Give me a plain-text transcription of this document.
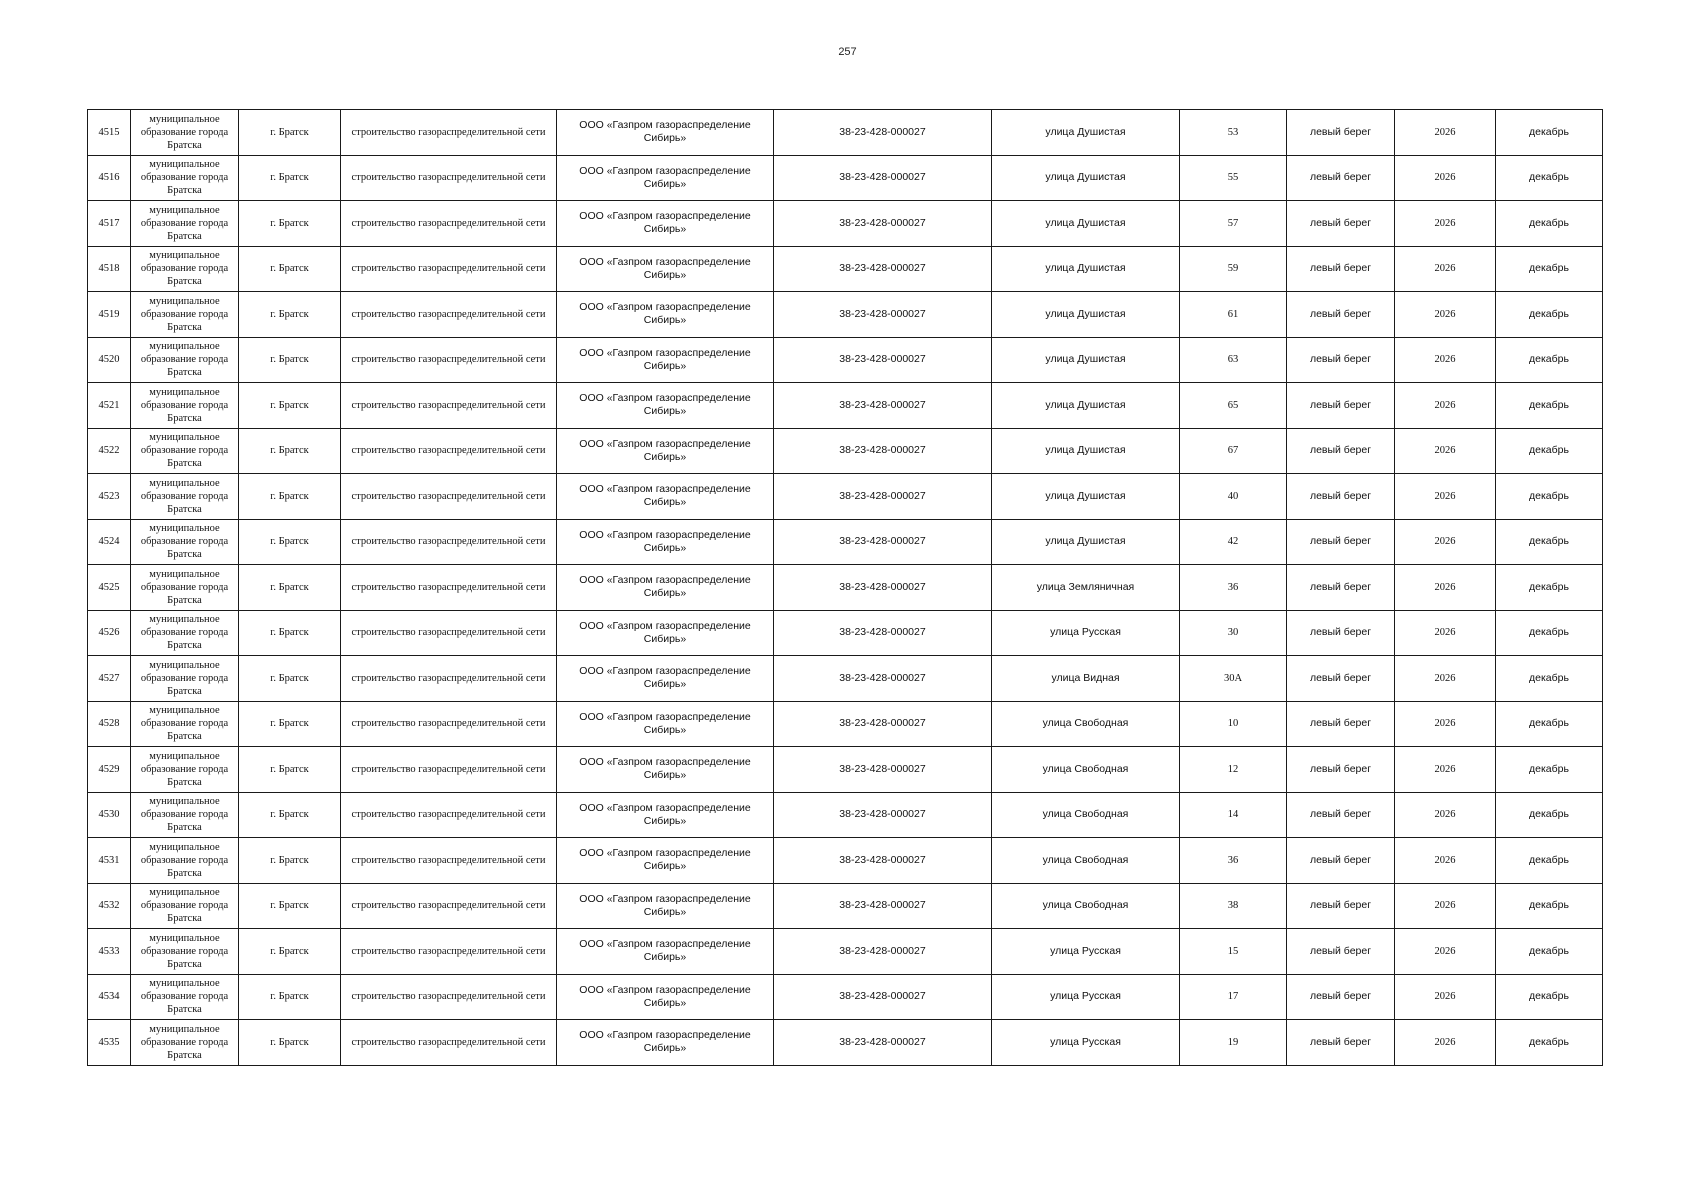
257
4515	муниципальное образование города Братска	г. Братск	строительство газораспределительной сети	ООО «Газпром газораспределение Сибирь»	38-23-428-000027	улица Душистая	53	левый берег	2026	декабрь
4516	муниципальное образование города Братска	г. Братск	строительство газораспределительной сети	ООО «Газпром газораспределение Сибирь»	38-23-428-000027	улица Душистая	55	левый берег	2026	декабрь
4517	муниципальное образование города Братска	г. Братск	строительство газораспределительной сети	ООО «Газпром газораспределение Сибирь»	38-23-428-000027	улица Душистая	57	левый берег	2026	декабрь
4518	муниципальное образование города Братска	г. Братск	строительство газораспределительной сети	ООО «Газпром газораспределение Сибирь»	38-23-428-000027	улица Душистая	59	левый берег	2026	декабрь
4519	муниципальное образование города Братска	г. Братск	строительство газораспределительной сети	ООО «Газпром газораспределение Сибирь»	38-23-428-000027	улица Душистая	61	левый берег	2026	декабрь
4520	муниципальное образование города Братска	г. Братск	строительство газораспределительной сети	ООО «Газпром газораспределение Сибирь»	38-23-428-000027	улица Душистая	63	левый берег	2026	декабрь
4521	муниципальное образование города Братска	г. Братск	строительство газораспределительной сети	ООО «Газпром газораспределение Сибирь»	38-23-428-000027	улица Душистая	65	левый берег	2026	декабрь
4522	муниципальное образование города Братска	г. Братск	строительство газораспределительной сети	ООО «Газпром газораспределение Сибирь»	38-23-428-000027	улица Душистая	67	левый берег	2026	декабрь
4523	муниципальное образование города Братска	г. Братск	строительство газораспределительной сети	ООО «Газпром газораспределение Сибирь»	38-23-428-000027	улица Душистая	40	левый берег	2026	декабрь
4524	муниципальное образование города Братска	г. Братск	строительство газораспределительной сети	ООО «Газпром газораспределение Сибирь»	38-23-428-000027	улица Душистая	42	левый берег	2026	декабрь
4525	муниципальное образование города Братска	г. Братск	строительство газораспределительной сети	ООО «Газпром газораспределение Сибирь»	38-23-428-000027	улица Земляничная	36	левый берег	2026	декабрь
4526	муниципальное образование города Братска	г. Братск	строительство газораспределительной сети	ООО «Газпром газораспределение Сибирь»	38-23-428-000027	улица Русская	30	левый берег	2026	декабрь
4527	муниципальное образование города Братска	г. Братск	строительство газораспределительной сети	ООО «Газпром газораспределение Сибирь»	38-23-428-000027	улица Видная	30А	левый берег	2026	декабрь
4528	муниципальное образование города Братска	г. Братск	строительство газораспределительной сети	ООО «Газпром газораспределение Сибирь»	38-23-428-000027	улица Свободная	10	левый берег	2026	декабрь
4529	муниципальное образование города Братска	г. Братск	строительство газораспределительной сети	ООО «Газпром газораспределение Сибирь»	38-23-428-000027	улица Свободная	12	левый берег	2026	декабрь
4530	муниципальное образование города Братска	г. Братск	строительство газораспределительной сети	ООО «Газпром газораспределение Сибирь»	38-23-428-000027	улица Свободная	14	левый берег	2026	декабрь
4531	муниципальное образование города Братска	г. Братск	строительство газораспределительной сети	ООО «Газпром газораспределение Сибирь»	38-23-428-000027	улица Свободная	36	левый берег	2026	декабрь
4532	муниципальное образование города Братска	г. Братск	строительство газораспределительной сети	ООО «Газпром газораспределение Сибирь»	38-23-428-000027	улица Свободная	38	левый берег	2026	декабрь
4533	муниципальное образование города Братска	г. Братск	строительство газораспределительной сети	ООО «Газпром газораспределение Сибирь»	38-23-428-000027	улица Русская	15	левый берег	2026	декабрь
4534	муниципальное образование города Братска	г. Братск	строительство газораспределительной сети	ООО «Газпром газораспределение Сибирь»	38-23-428-000027	улица Русская	17	левый берег	2026	декабрь
4535	муниципальное образование города Братска	г. Братск	строительство газораспределительной сети	ООО «Газпром газораспределение Сибирь»	38-23-428-000027	улица Русская	19	левый берег	2026	декабрь
